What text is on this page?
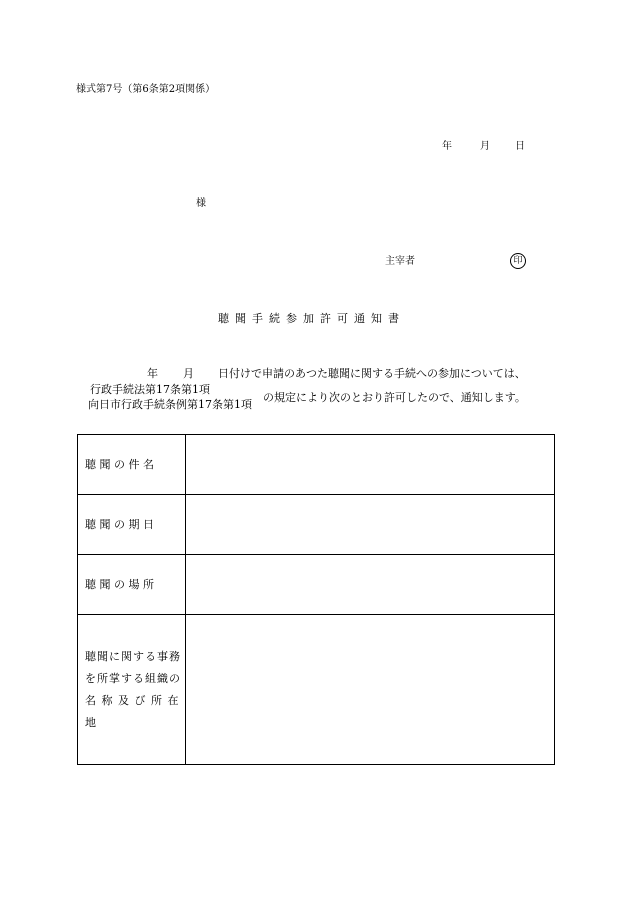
様式第7号（第6条第2項関係）
年	月	日
様
主宰者	印
聴聞手続参加許可通知書
年 月 日付けで申請のあつた聴聞に関する手続への参加については、
行政手続法第17条第1項
向日市行政手続条例第17条第1項
の規定により次のとおり許可したので、通知します。
聴 聞 の 件 名	

聴 聞 の 期 日	

聴 聞 の 場 所	

聴聞に関する事務
を所掌する組織の
名 称 及 び 所 在 地	
